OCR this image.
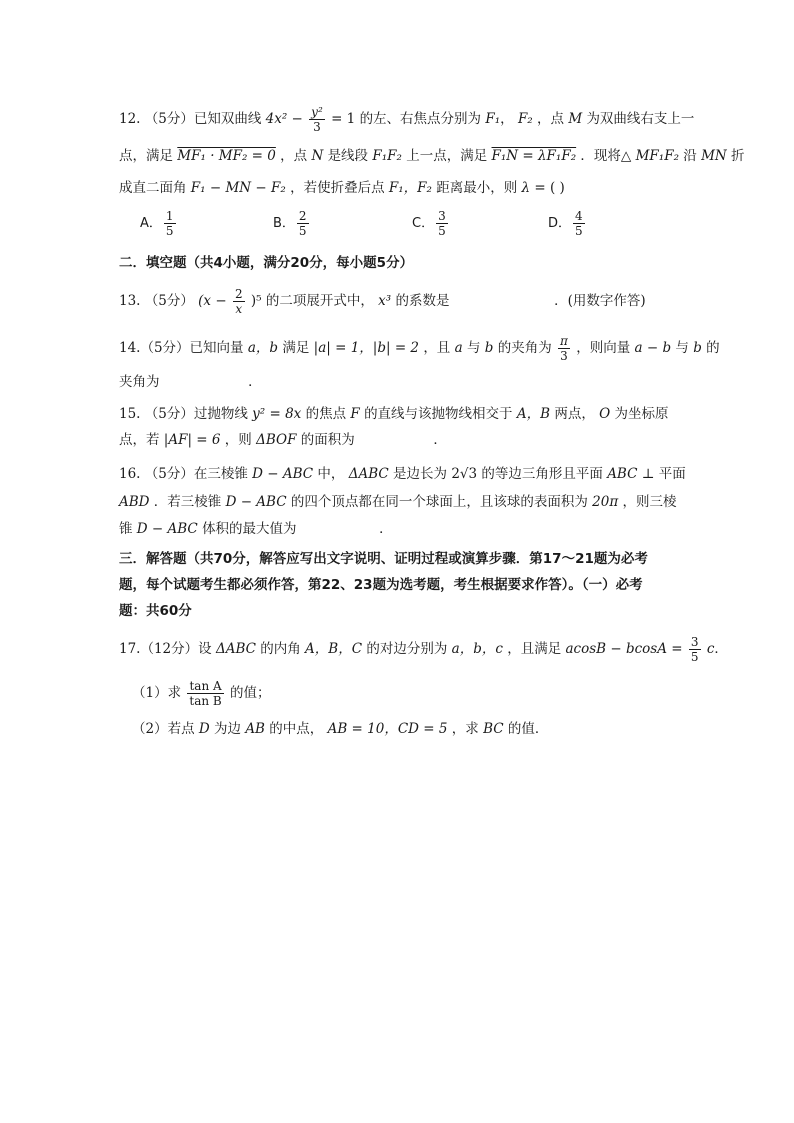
12. （5分）已知双曲线 $4x^2 - \frac{\text{y²}}{3} = 1$ 的左、右焦点分别为 F₁， F₂ ，点 M 为双曲线右支上一
点，满足 MF₁ · MF₂ = 0 ，点 N 是线段 F₁F₂ 上一点，满足 F₁N = λF₁F₂ ．现将△ MF₁F₂ 沿 MN 折
成直二面角 F₁ − MN − F₂ ，若使折叠后点 F₁，F₂ 距离最小，则 λ = ( )
A． $\frac{1}{5}$	B． $\frac{2}{5}$	C． $\frac{3}{5}$	D． $\frac{4}{5}$
二．填空题（共4小题，满分20分，每小题5分）
13. （5分） $(x - \frac{2}{x} )^5$ 的二项展开式中， x³ 的系数是	．(用数字作答)
14.（5分）已知向量 a，b 满足 |a| = 1，|b| = 2 ，且 a 与 b 的夹角为 $\frac{\pi}{3}$ ，则向量 a − b 与 b 的
夹角为	．
15. （5分）过抛物线 y² = 8x 的焦点 F 的直线与该抛物线相交于 A，B 两点， O 为坐标原
点，若 |AF| = 6 ，则 ΔBOF 的面积为	．
16. （5分）在三棱锥 D − ABC 中， ΔABC 是边长为 2√3 的等边三角形且平面 ABC ⊥ 平面
ABD ．若三棱锥 D − ABC 的四个顶点都在同一个球面上，且该球的表面积为 20π ，则三棱
锥 D − ABC 体积的最大值为	．
三．解答题（共70分，解答应写出文字说明、证明过程或演算步骤．第17～21题为必考
题，每个试题考生都必须作答，第22、23题为选考题，考生根据要求作答）。（一）必考
题：共60分
17.（12分）设 ΔABC 的内角 A，B，C 的对边分别为 a，b，c ，且满足 $acosB - bcosA = \frac{3}{5}$ c．
（1）求 $\frac{\text{tan A}}{\text{tan B}}$ 的值；
（2）若点 D 为边 AB 的中点， AB = 10，CD = 5 ，求 BC 的值．
